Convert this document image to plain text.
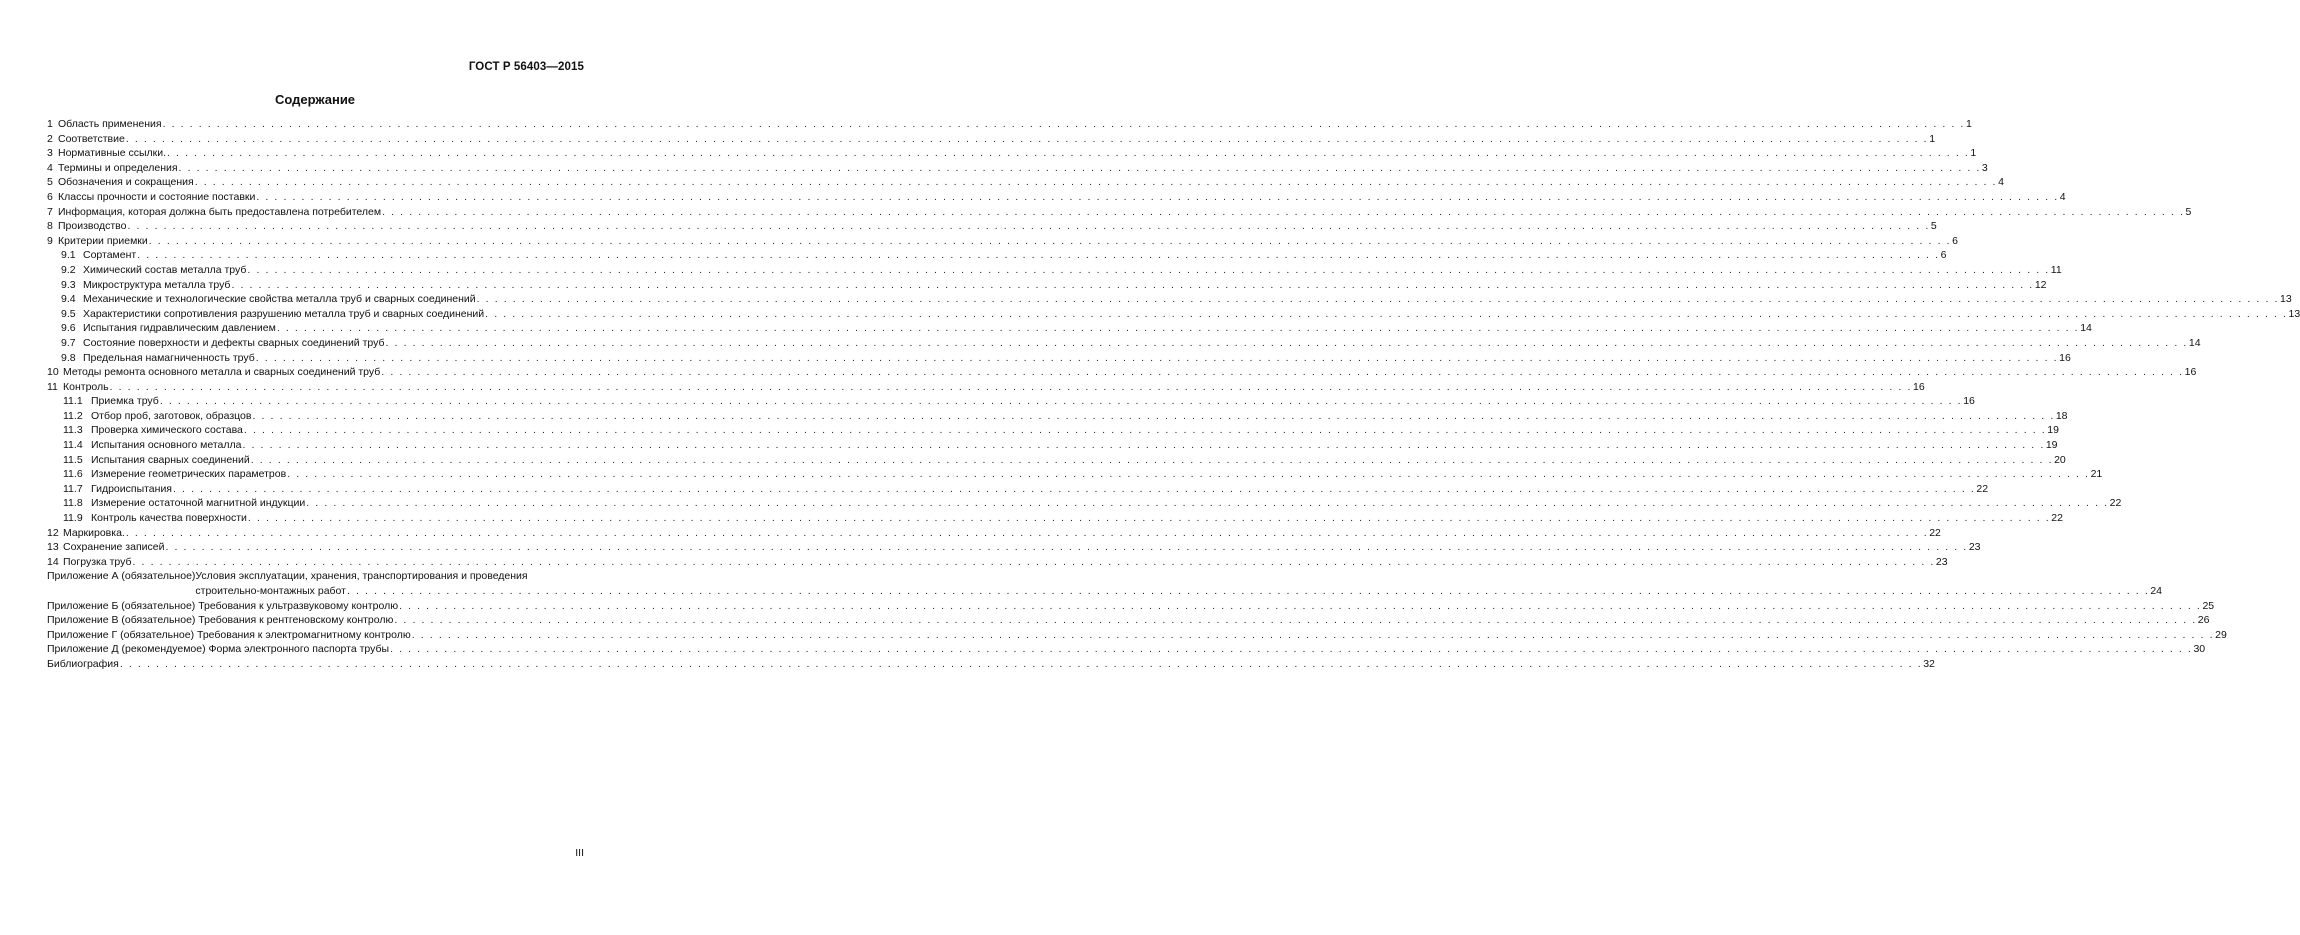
ГОСТ Р 56403—2015
Содержание
1 Область применения . . . . . . . . . . . . . . . . . . . . . . . . . . . . . . . . . . . . . . . . . . . . . . . . . . . . . . . . . . . . . . . . . . . . . . . . . . . . . . . . . . . . . . . . . . . . . . . . . . . . . . . . . . . . . . . . . . . . . . . . . . . . . . . . . . . . . . . . . . . . . . . . . . . . . . . . . . . . . . . . . . . . . . . . . . . . . . . . . . . . . . . . . . . . . . . . . . . . . . . . 1
2 Соответствие . . . . . . . . . . . . . . . . . . . . . . . . . . . . . . . . . . . . . . . . . . . . . . . . . . . . . . . . . . . . . . . . . . . . . . . . . . . . . . . . . . . . . . . . . . . . . . . . . . . . . . . . . . . . . . . . . . . . . . . . . . . . . . . . . . . . . . . . . . . . . . . . . . . . . . . . . . . . . . . . . . . . . . . . . . . . . . . . . . . . . . . . . . . . . . . . . . . . . . . . 1
3 Нормативные ссылки. . . . . . . . . . . . . . . . . . . . . . . . . . . . . . . . . . . . . . . . . . . . . . . . . . . . . . . . . . . . . . . . . . . . . . . . . . . . . . . . . . . . . . . . . . . . . . . . . . . . . . . . . . . . . . . . . . . . . . . . . . . . . . . . . . . . . . . . . . . . . . . . . . . . . . . . . . . . . . . . . . . . . . . . . . . . . . . . . . . . . . . . . . . . . . . . . . . . . . . . . 1
4 Термины и определения . . . . . . . . . . . . . . . . . . . . . . . . . . . . . . . . . . . . . . . . . . . . . . . . . . . . . . . . . . . . . . . . . . . . . . . . . . . . . . . . . . . . . . . . . . . . . . . . . . . . . . . . . . . . . . . . . . . . . . . . . . . . . . . . . . . . . . . . . . . . . . . . . . . . . . . . . . . . . . . . . . . . . . . . . . . . . . . . . . . . . . . . . . . . . . . . . . . . . . . . 3
5 Обозначения и сокращения . . . . . . . . . . . . . . . . . . . . . . . . . . . . . . . . . . . . . . . . . . . . . . . . . . . . . . . . . . . . . . . . . . . . . . . . . . . . . . . . . . . . . . . . . . . . . . . . . . . . . . . . . . . . . . . . . . . . . . . . . . . . . . . . . . . . . . . . . . . . . . . . . . . . . . . . . . . . . . . . . . . . . . . . . . . . . . . . . . . . . . . . . . . . . . . . . . . . . . . . 4
6 Классы прочности и состояние поставки . . . . . . . . . . . . . . . . . . . . . . . . . . . . . . . . . . . . . . . . . . . . . . . . . . . . . . . . . . . . . . . . . . . . . . . . . . . . . . . . . . . . . . . . . . . . . . . . . . . . . . . . . . . . . . . . . . . . . . . . . . . . . . . . . . . . . . . . . . . . . . . . . . . . . . . . . . . . . . . . . . . . . . . . . . . . . . . . . . . . . . . . . . . . . . . . . . . . . . . . 4
7 Информация, которая должна быть предоставлена потребителем . . . . . . . . . . . . . . . . . . . . . . . . . . . . . . . . . . . . . . . . . . . . . . . . . . . . . . . . . . . . . . . . . . . . . . . . . . . . . . . . . . . . . . . . . . . . . . . . . . . . . . . . . . . . . . . . . . . . . . . . . . . . . . . . . . . . . . . . . . . . . . . . . . . . . . . . . . . . . . . . . . . . . . . . . . . . . . . . . . . . . . . . . . . . . . . . . . . . . . . . 5
8 Производство . . . . . . . . . . . . . . . . . . . . . . . . . . . . . . . . . . . . . . . . . . . . . . . . . . . . . . . . . . . . . . . . . . . . . . . . . . . . . . . . . . . . . . . . . . . . . . . . . . . . . . . . . . . . . . . . . . . . . . . . . . . . . . . . . . . . . . . . . . . . . . . . . . . . . . . . . . . . . . . . . . . . . . . . . . . . . . . . . . . . . . . . . . . . . . . . . . . . . . . . 5
9 Критерии приемки . . . . . . . . . . . . . . . . . . . . . . . . . . . . . . . . . . . . . . . . . . . . . . . . . . . . . . . . . . . . . . . . . . . . . . . . . . . . . . . . . . . . . . . . . . . . . . . . . . . . . . . . . . . . . . . . . . . . . . . . . . . . . . . . . . . . . . . . . . . . . . . . . . . . . . . . . . . . . . . . . . . . . . . . . . . . . . . . . . . . . . . . . . . . . . . . . . . . . . . . 6
9.1 Сортамент . . . . . . . . . . . . . . . . . . . . . . . . . . . . . . . . . . . . . . . . . . . . . . . . . . . . . . . . . . . . . . . . . . . . . . . . . . . . . . . . . . . . . . . . . . . . . . . . . . . . . . . . . . . . . . . . . . . . . . . . . . . . . . . . . . . . . . . . . . . . . . . . . . . . . . . . . . . . . . . . . . . . . . . . . . . . . . . . . . . . . . . . . . . . . . . . . . . . . . . . 6
9.2 Химический состав металла труб . . . . . . . . . . . . . . . . . . . . . . . . . . . . . . . . . . . . . . . . . . . . . . . . . . . . . . . . . . . . . . . . . . . . . . . . . . . . . . . . . . . . . . . . . . . . . . . . . . . . . . . . . . . . . . . . . . . . . . . . . . . . . . . . . . . . . . . . . . . . . . . . . . . . . . . . . . . . . . . . . . . . . . . . . . . . . . . . . . . . . . . . . . . . . . . . . . . . . . . . 11
9.3 Микроструктура металла труб . . . . . . . . . . . . . . . . . . . . . . . . . . . . . . . . . . . . . . . . . . . . . . . . . . . . . . . . . . . . . . . . . . . . . . . . . . . . . . . . . . . . . . . . . . . . . . . . . . . . . . . . . . . . . . . . . . . . . . . . . . . . . . . . . . . . . . . . . . . . . . . . . . . . . . . . . . . . . . . . . . . . . . . . . . . . . . . . . . . . . . . . . . . . . . . . . . . . . . . . 12
9.4 Механические и технологические свойства металла труб и сварных соединений . . . . . . . . . . . . . . . . . . . . . . . . . . . . . . . . . . . . . . . . . . . . . . . . . . . . . . . . . . . . . . . . . . . . . . . . . . . . . . . . . . . . . . . . . . . . . . . . . . . . . . . . . . . . . . . . . . . . . . . . . . . . . . . . . . . . . . . . . . . . . . . . . . . . . . . . . . . . . . . . . . . . . . . . . . . . . . . . . . . . . . . . . . . . . . . . . . . . . . . . 13
9.5 Характеристики сопротивления разрушению металла труб и сварных соединений . . . . . . . . . . . . . . . . . . . . . . . . . . . . . . . . . . . . . . . . . . . . . . . . . . . . . . . . . . . . . . . . . . . . . . . . . . . . . . . . . . . . . . . . . . . . . . . . . . . . . . . . . . . . . . . . . . . . . . . . . . . . . . . . . . . . . . . . . . . . . . . . . . . . . . . . . . . . . . . . . . . . . . . . . . . . . . . . . . . . . . . . . . . . . . . . . . . . . . . . 13
9.6 Испытания гидравлическим давлением . . . . . . . . . . . . . . . . . . . . . . . . . . . . . . . . . . . . . . . . . . . . . . . . . . . . . . . . . . . . . . . . . . . . . . . . . . . . . . . . . . . . . . . . . . . . . . . . . . . . . . . . . . . . . . . . . . . . . . . . . . . . . . . . . . . . . . . . . . . . . . . . . . . . . . . . . . . . . . . . . . . . . . . . . . . . . . . . . . . . . . . . . . . . . . . . . . . . . . . . 14
9.7 Состояние поверхности и дефекты сварных соединений труб . . . . . . . . . . . . . . . . . . . . . . . . . . . . . . . . . . . . . . . . . . . . . . . . . . . . . . . . . . . . . . . . . . . . . . . . . . . . . . . . . . . . . . . . . . . . . . . . . . . . . . . . . . . . . . . . . . . . . . . . . . . . . . . . . . . . . . . . . . . . . . . . . . . . . . . . . . . . . . . . . . . . . . . . . . . . . . . . . . . . . . . . . . . . . . . . . . . . . . . . 14
9.8 Предельная намагниченность труб . . . . . . . . . . . . . . . . . . . . . . . . . . . . . . . . . . . . . . . . . . . . . . . . . . . . . . . . . . . . . . . . . . . . . . . . . . . . . . . . . . . . . . . . . . . . . . . . . . . . . . . . . . . . . . . . . . . . . . . . . . . . . . . . . . . . . . . . . . . . . . . . . . . . . . . . . . . . . . . . . . . . . . . . . . . . . . . . . . . . . . . . . . . . . . . . . . . . . . . . 16
10 Методы ремонта основного металла и сварных соединений труб . . . . . . . . . . . . . . . . . . . . . . . . . . . . . . . . . . . . . . . . . . . . . . . . . . . . . . . . . . . . . . . . . . . . . . . . . . . . . . . . . . . . . . . . . . . . . . . . . . . . . . . . . . . . . . . . . . . . . . . . . . . . . . . . . . . . . . . . . . . . . . . . . . . . . . . . . . . . . . . . . . . . . . . . . . . . . . . . . . . . . . . . . . . . . . . . . . . . . . . . 16
11 Контроль . . . . . . . . . . . . . . . . . . . . . . . . . . . . . . . . . . . . . . . . . . . . . . . . . . . . . . . . . . . . . . . . . . . . . . . . . . . . . . . . . . . . . . . . . . . . . . . . . . . . . . . . . . . . . . . . . . . . . . . . . . . . . . . . . . . . . . . . . . . . . . . . . . . . . . . . . . . . . . . . . . . . . . . . . . . . . . . . . . . . . . . . . . . . . . . . . . . . . . . . 16
11.1 Приемка труб . . . . . . . . . . . . . . . . . . . . . . . . . . . . . . . . . . . . . . . . . . . . . . . . . . . . . . . . . . . . . . . . . . . . . . . . . . . . . . . . . . . . . . . . . . . . . . . . . . . . . . . . . . . . . . . . . . . . . . . . . . . . . . . . . . . . . . . . . . . . . . . . . . . . . . . . . . . . . . . . . . . . . . . . . . . . . . . . . . . . . . . . . . . . . . . . . . . . . . . . 16
11.2 Отбор проб, заготовок, образцов . . . . . . . . . . . . . . . . . . . . . . . . . . . . . . . . . . . . . . . . . . . . . . . . . . . . . . . . . . . . . . . . . . . . . . . . . . . . . . . . . . . . . . . . . . . . . . . . . . . . . . . . . . . . . . . . . . . . . . . . . . . . . . . . . . . . . . . . . . . . . . . . . . . . . . . . . . . . . . . . . . . . . . . . . . . . . . . . . . . . . . . . . . . . . . . . . . . . . . . . 18
11.3 Проверка химического состава . . . . . . . . . . . . . . . . . . . . . . . . . . . . . . . . . . . . . . . . . . . . . . . . . . . . . . . . . . . . . . . . . . . . . . . . . . . . . . . . . . . . . . . . . . . . . . . . . . . . . . . . . . . . . . . . . . . . . . . . . . . . . . . . . . . . . . . . . . . . . . . . . . . . . . . . . . . . . . . . . . . . . . . . . . . . . . . . . . . . . . . . . . . . . . . . . . . . . . . . 19
11.4 Испытания основного металла . . . . . . . . . . . . . . . . . . . . . . . . . . . . . . . . . . . . . . . . . . . . . . . . . . . . . . . . . . . . . . . . . . . . . . . . . . . . . . . . . . . . . . . . . . . . . . . . . . . . . . . . . . . . . . . . . . . . . . . . . . . . . . . . . . . . . . . . . . . . . . . . . . . . . . . . . . . . . . . . . . . . . . . . . . . . . . . . . . . . . . . . . . . . . . . . . . . . . . . . 19
11.5 Испытания сварных соединений . . . . . . . . . . . . . . . . . . . . . . . . . . . . . . . . . . . . . . . . . . . . . . . . . . . . . . . . . . . . . . . . . . . . . . . . . . . . . . . . . . . . . . . . . . . . . . . . . . . . . . . . . . . . . . . . . . . . . . . . . . . . . . . . . . . . . . . . . . . . . . . . . . . . . . . . . . . . . . . . . . . . . . . . . . . . . . . . . . . . . . . . . . . . . . . . . . . . . . . . 20
11.6 Измерение геометрических параметров . . . . . . . . . . . . . . . . . . . . . . . . . . . . . . . . . . . . . . . . . . . . . . . . . . . . . . . . . . . . . . . . . . . . . . . . . . . . . . . . . . . . . . . . . . . . . . . . . . . . . . . . . . . . . . . . . . . . . . . . . . . . . . . . . . . . . . . . . . . . . . . . . . . . . . . . . . . . . . . . . . . . . . . . . . . . . . . . . . . . . . . . . . . . . . . . . . . . . . . . 21
11.7 Гидроиспытания . . . . . . . . . . . . . . . . . . . . . . . . . . . . . . . . . . . . . . . . . . . . . . . . . . . . . . . . . . . . . . . . . . . . . . . . . . . . . . . . . . . . . . . . . . . . . . . . . . . . . . . . . . . . . . . . . . . . . . . . . . . . . . . . . . . . . . . . . . . . . . . . . . . . . . . . . . . . . . . . . . . . . . . . . . . . . . . . . . . . . . . . . . . . . . . . . . . . . . . . 22
11.8 Измерение остаточной магнитной индукции . . . . . . . . . . . . . . . . . . . . . . . . . . . . . . . . . . . . . . . . . . . . . . . . . . . . . . . . . . . . . . . . . . . . . . . . . . . . . . . . . . . . . . . . . . . . . . . . . . . . . . . . . . . . . . . . . . . . . . . . . . . . . . . . . . . . . . . . . . . . . . . . . . . . . . . . . . . . . . . . . . . . . . . . . . . . . . . . . . . . . . . . . . . . . . . . . . . . . . . . 22
11.9 Контроль качества поверхности . . . . . . . . . . . . . . . . . . . . . . . . . . . . . . . . . . . . . . . . . . . . . . . . . . . . . . . . . . . . . . . . . . . . . . . . . . . . . . . . . . . . . . . . . . . . . . . . . . . . . . . . . . . . . . . . . . . . . . . . . . . . . . . . . . . . . . . . . . . . . . . . . . . . . . . . . . . . . . . . . . . . . . . . . . . . . . . . . . . . . . . . . . . . . . . . . . . . . . . . 22
12 Маркировка. . . . . . . . . . . . . . . . . . . . . . . . . . . . . . . . . . . . . . . . . . . . . . . . . . . . . . . . . . . . . . . . . . . . . . . . . . . . . . . . . . . . . . . . . . . . . . . . . . . . . . . . . . . . . . . . . . . . . . . . . . . . . . . . . . . . . . . . . . . . . . . . . . . . . . . . . . . . . . . . . . . . . . . . . . . . . . . . . . . . . . . . . . . . . . . . . . . . . . . . . 22
13 Сохранение записей . . . . . . . . . . . . . . . . . . . . . . . . . . . . . . . . . . . . . . . . . . . . . . . . . . . . . . . . . . . . . . . . . . . . . . . . . . . . . . . . . . . . . . . . . . . . . . . . . . . . . . . . . . . . . . . . . . . . . . . . . . . . . . . . . . . . . . . . . . . . . . . . . . . . . . . . . . . . . . . . . . . . . . . . . . . . . . . . . . . . . . . . . . . . . . . . . . . . . . . . 23
14 Погрузка труб . . . . . . . . . . . . . . . . . . . . . . . . . . . . . . . . . . . . . . . . . . . . . . . . . . . . . . . . . . . . . . . . . . . . . . . . . . . . . . . . . . . . . . . . . . . . . . . . . . . . . . . . . . . . . . . . . . . . . . . . . . . . . . . . . . . . . . . . . . . . . . . . . . . . . . . . . . . . . . . . . . . . . . . . . . . . . . . . . . . . . . . . . . . . . . . . . . . . . . . . 23
Приложение А (обязательное) Условия эксплуатации, хранения, транспортирования и проведения
строительно-монтажных работ . . . . . . . . . . . . . . . . . . . . . . . . . . . . . . . . . . . . . . . . . . . . . . . . . . . . . . . . . . . . . . . . . . . . . . . . . . . . . . . . . . . . . . . . . . . . . . . . . . . . . . . . . . . . . . . . . . . . . . . . . . . . . . . . . . . . . . . . . . . . . . . . . . . . . . . . . . . . . . . . . . . . . . . . . . . . . . . . . . . . . . . . . . . . . . . . . . . . . . . . 24
Приложение Б (обязательное) Требования к ультразвуковому контролю . . . . . . . . . . . . . . . . . . . . . . . . . . . . . . . . . . . . . . . . . . . . . . . . . . . . . . . . . . . . . . . . . . . . . . . . . . . . . . . . . . . . . . . . . . . . . . . . . . . . . . . . . . . . . . . . . . . . . . . . . . . . . . . . . . . . . . . . . . . . . . . . . . . . . . . . . . . . . . . . . . . . . . . . . . . . . . . . . . . . . . . . . . . . . . . . . . . . . . . . 25
Приложение В (обязательное) Требования к рентгеновскому контролю . . . . . . . . . . . . . . . . . . . . . . . . . . . . . . . . . . . . . . . . . . . . . . . . . . . . . . . . . . . . . . . . . . . . . . . . . . . . . . . . . . . . . . . . . . . . . . . . . . . . . . . . . . . . . . . . . . . . . . . . . . . . . . . . . . . . . . . . . . . . . . . . . . . . . . . . . . . . . . . . . . . . . . . . . . . . . . . . . . . . . . . . . . . . . . . . . . . . . . . . 26
Приложение Г (обязательное) Требования к электромагнитному контролю . . . . . . . . . . . . . . . . . . . . . . . . . . . . . . . . . . . . . . . . . . . . . . . . . . . . . . . . . . . . . . . . . . . . . . . . . . . . . . . . . . . . . . . . . . . . . . . . . . . . . . . . . . . . . . . . . . . . . . . . . . . . . . . . . . . . . . . . . . . . . . . . . . . . . . . . . . . . . . . . . . . . . . . . . . . . . . . . . . . . . . . . . . . . . . . . . . . . . . . . 29
Приложение Д (рекомендуемое) Форма электронного паспорта трубы . . . . . . . . . . . . . . . . . . . . . . . . . . . . . . . . . . . . . . . . . . . . . . . . . . . . . . . . . . . . . . . . . . . . . . . . . . . . . . . . . . . . . . . . . . . . . . . . . . . . . . . . . . . . . . . . . . . . . . . . . . . . . . . . . . . . . . . . . . . . . . . . . . . . . . . . . . . . . . . . . . . . . . . . . . . . . . . . . . . . . . . . . . . . . . . . . . . . . . . . 30
Библиография . . . . . . . . . . . . . . . . . . . . . . . . . . . . . . . . . . . . . . . . . . . . . . . . . . . . . . . . . . . . . . . . . . . . . . . . . . . . . . . . . . . . . . . . . . . . . . . . . . . . . . . . . . . . . . . . . . . . . . . . . . . . . . . . . . . . . . . . . . . . . . . . . . . . . . . . . . . . . . . . . . . . . . . . . . . . . . . . . . . . . . . . . . . . . . . . . . . . . . . . 32
III
